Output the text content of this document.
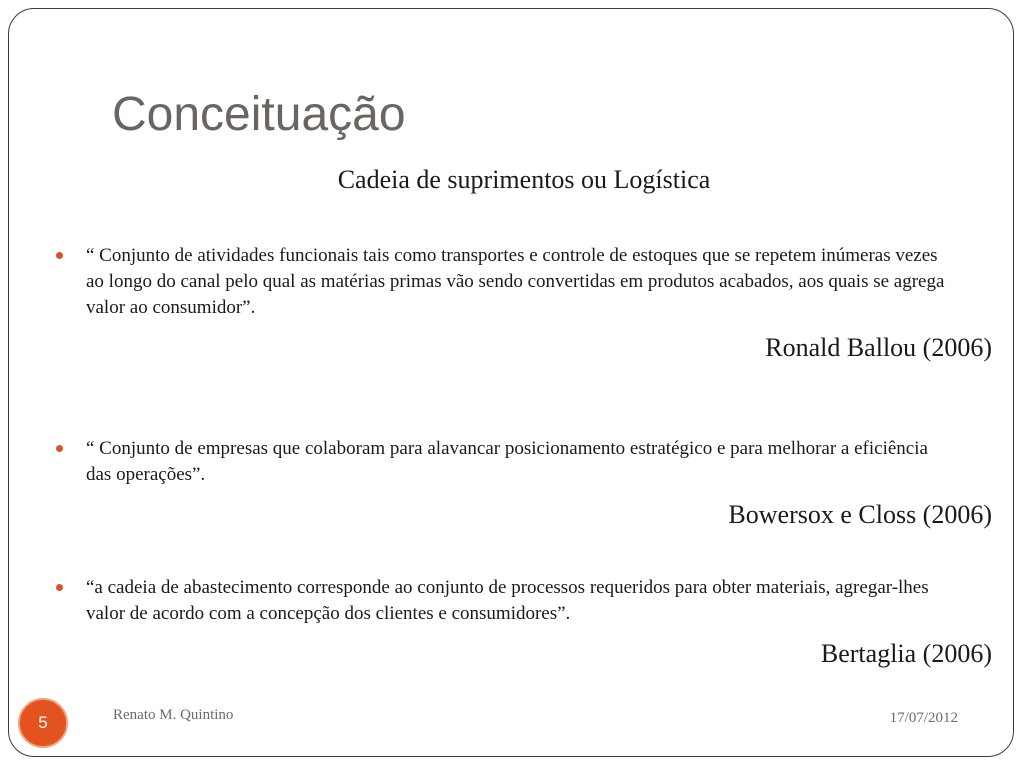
Conceituação
Cadeia de suprimentos ou Logística
“ Conjunto de atividades funcionais tais como transportes e controle de estoques que se repetem inúmeras vezes ao longo do canal pelo qual as matérias primas vão sendo convertidas em produtos acabados, aos quais se agrega valor ao consumidor”.
Ronald Ballou (2006)
“ Conjunto de empresas que colaboram para alavancar posicionamento estratégico e para melhorar a eficiência das operações”.
Bowersox e Closs (2006)
“a cadeia de abastecimento corresponde ao conjunto de processos requeridos para obter materiais, agregar-lhes valor de acordo com a concepção dos clientes e consumidores”.
Bertaglia (2006)
5	Renato M. Quintino	17/07/2012
